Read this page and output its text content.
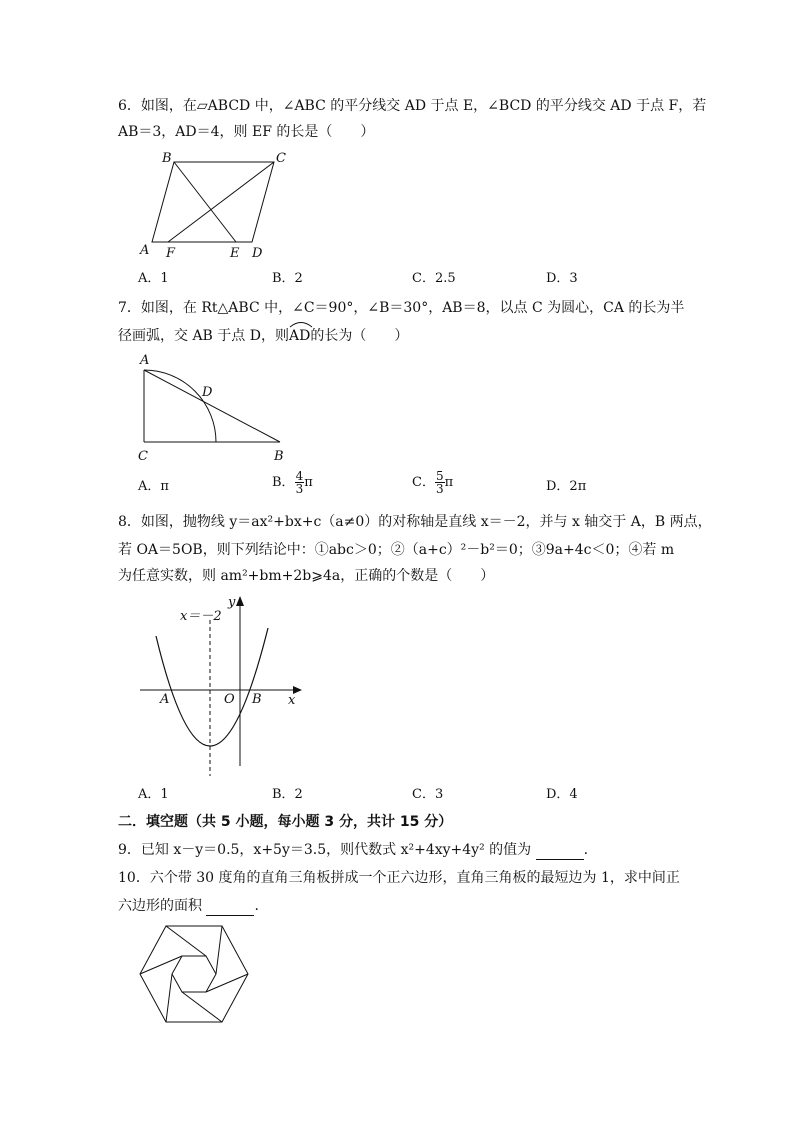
6．如图，在▱ABCD 中，∠ABC 的平分线交 AD 于点 E，∠BCD 的平分线交 AD 于点 F，若
AB＝3，AD＝4，则 EF 的长是（　　）
B	C
A F	E D
A．1	B．2	C．2.5	D．3
7．如图，在 Rt△ABC 中，∠C＝90°，∠B＝30°，AB＝8，以点 C 为圆心，CA 的长为半
径画弧，交 AB 于点 D，则
AD的长为（　　）
A
D
C	B
A．π	B． $\frac{4}{3}$ π	C． $\frac{5}{3}$ π	D．2π
8．如图，抛物线 y＝ax²+bx+c（a≠0）的对称轴是直线 x＝－2，并与 x 轴交于 A，B 两点，
若 OA＝5OB，则下列结论中：①abc＞0；②（a+c）²－b²＝0；③9a+4c＜0；④若 m
为任意实数，则 am²+bm+2b⩾4a，正确的个数是（　　）
y
x＝－2
A	O B x
A．1	B．2	C．3	D．4
二．填空题（共 5 小题，每小题 3 分，共计 15 分）
9．已知 x－y＝0.5，x+5y＝3.5，则代数式 x²+4xy+4y² 的值为	.
10．六个带 30 度角的直角三角板拼成一个正六边形，直角三角板的最短边为 1，求中间正
六边形的面积	.
